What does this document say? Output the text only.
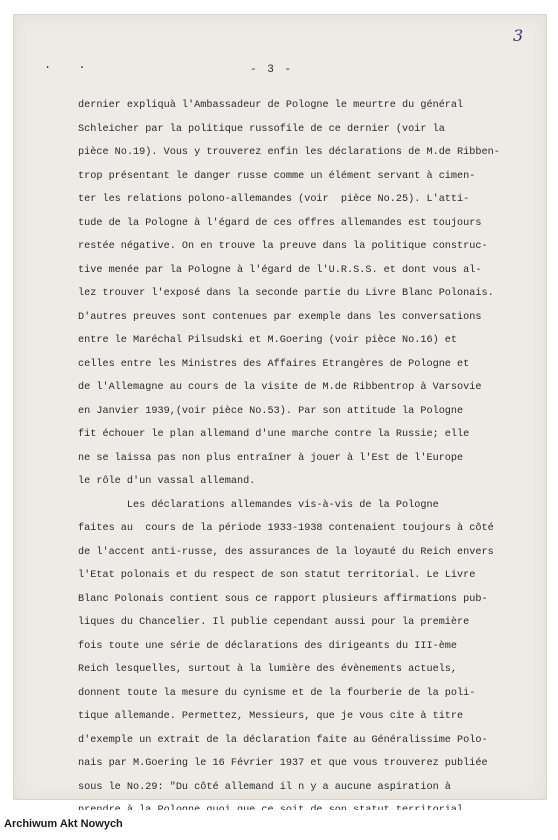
3
. .	- 3 -
dernier expliquà l'Ambassadeur de Pologne le meurtre du général
Schleicher par la politique russofile de ce dernier (voir la
pièce No.19). Vous y trouverez enfin les déclarations de M.de Ribben-
trop présentant le danger russe comme un élément servant à cimen-
ter les relations polono-allemandes (voir  pièce No.25). L'atti-
tude de la Pologne à l'égard de ces offres allemandes est toujours
restée négative. On en trouve la preuve dans la politique construc-
tive menée par la Pologne à l'égard de l'U.R.S.S. et dont vous al-
lez trouver l'exposé dans la seconde partie du Livre Blanc Polonais.
D'autres preuves sont contenues par exemple dans les conversations
entre le Maréchal Pilsudski et M.Goering (voir pièce No.16) et
celles entre les Ministres des Affaires Etrangères de Pologne et
de l'Allemagne au cours de la visite de M.de Ribbentrop à Varsovie
en Janvier 1939,(voir pièce No.53). Par son attitude la Pologne
fit échouer le plan allemand d'une marche contre la Russie; elle
ne se laissa pas non plus entraîner à jouer à l'Est de l'Europe
le rôle d'un vassal allemand.
Les déclarations allemandes vis-à-vis de la Pologne
faites au  cours de la période 1933-1938 contenaient toujours à côté
de l'accent anti-russe, des assurances de la loyauté du Reich envers
l'Etat polonais et du respect de son statut territorial. Le Livre
Blanc Polonais contient sous ce rapport plusieurs affirmations pub-
liques du Chancelier. Il publie cependant aussi pour la première
fois toute une série de déclarations des dirigeants du III-ème
Reich lesquelles, surtout à la lumière des évènements actuels,
donnent toute la mesure du cynisme et de la fourberie de la poli-
tique allemande. Permettez, Messieurs, que je vous cite à titre
d'exemple un extrait de la déclaration faite au Généralissime Polo-
nais par M.Goering le 16 Février 1937 et que vous trouverez publiée
sous le No.29: "Du côté allemand il n y a aucune aspiration à
Archiwum Akt Nowych
